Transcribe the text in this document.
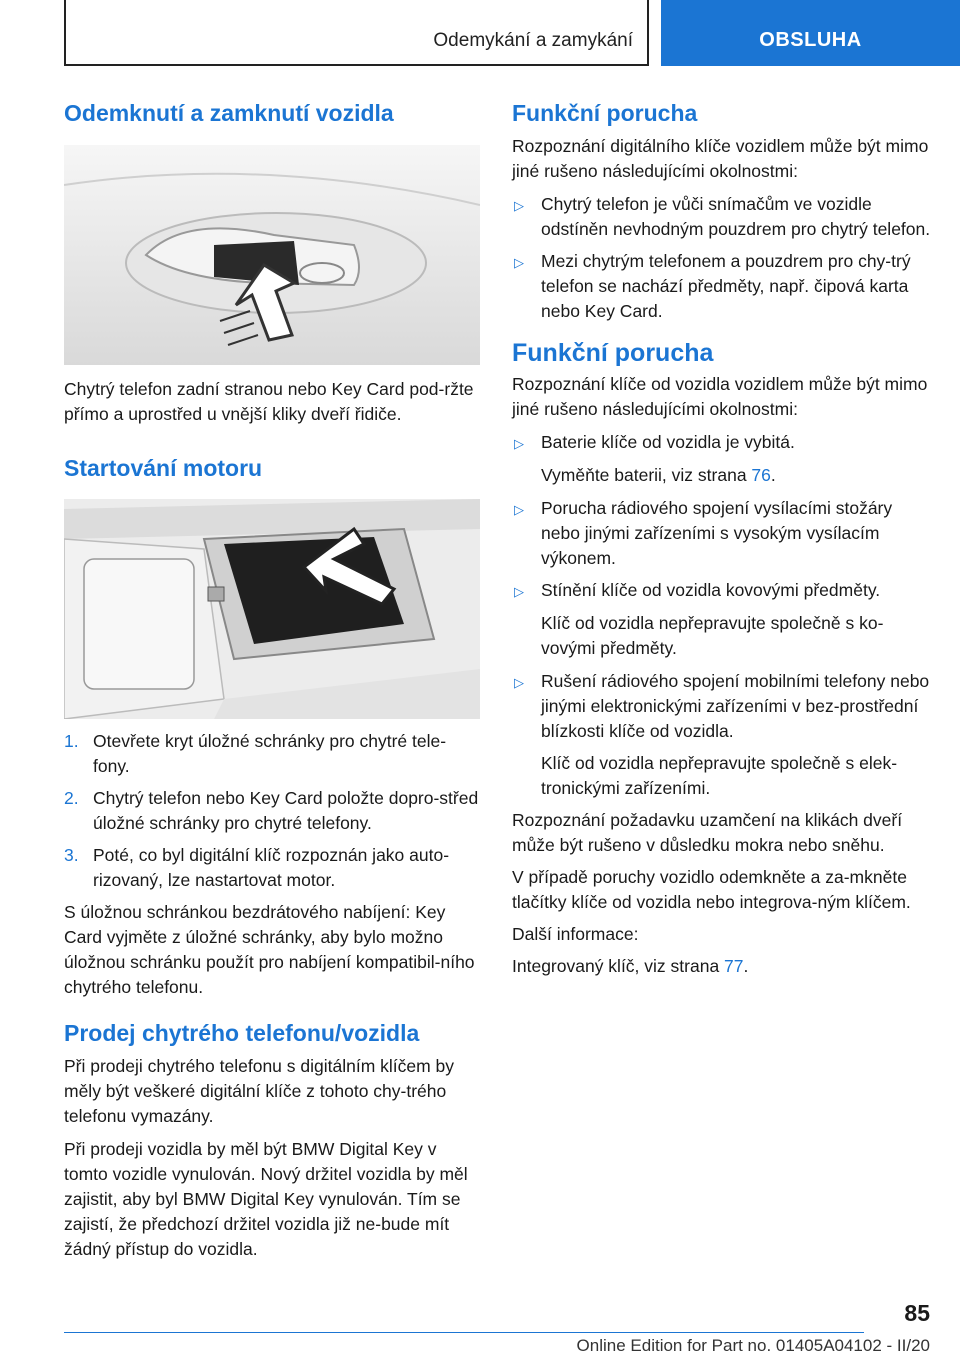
Odemykání a zamykání	OBSLUHA
Odemknutí a zamknutí vozidla

Chytrý telefon zadní stranou nebo Key Card pod‐ržte přímo a uprostřed u vnější kliky dveří řidiče.

Startování motoru
1. Otevřete kryt úložné schránky pro chytré tele‐fony.
2. Chytrý telefon nebo Key Card položte dopro‐střed úložné schránky pro chytré telefony.
3. Poté, co byl digitální klíč rozpoznán jako auto‐rizovaný, lze nastartovat motor.

S úložnou schránkou bezdrátového nabíjení: Key Card vyjměte z úložné schránky, aby bylo možno úložnou schránku použít pro nabíjení kompatibil‐ního chytrého telefonu.

Prodej chytrého telefonu/vozidla

Při prodeji chytrého telefonu s digitálním klíčem by měly být veškeré digitální klíče z tohoto chy‐trého telefonu vymazány.

Při prodeji vozidla by měl být BMW Digital Key v tomto vozidle vynulován. Nový držitel vozidla by měl zajistit, aby byl BMW Digital Key vynulován. Tím se zajistí, že předchozí držitel vozidla již ne‐bude mít žádný přístup do vozidla.

Funkční porucha

Rozpoznání digitálního klíče vozidlem může být mimo jiné rušeno následujícími okolnostmi:

▷ Chytrý telefon je vůči snímačům ve vozidle odstíněn nevhodným pouzdrem pro chytrý telefon.
▷ Mezi chytrým telefonem a pouzdrem pro chy‐trý telefon se nachází předměty, např. čipová karta nebo Key Card.
Funkční porucha

Rozpoznání klíče od vozidla vozidlem může být mimo jiné rušeno následujícími okolnostmi:

▷ Baterie klíče od vozidla je vybitá.

Vyměňte baterii, viz strana 76.

▷ Porucha rádiového spojení vysílacími stožáry nebo jinými zařízeními s vysokým vysílacím výkonem.
▷ Stínění klíče od vozidla kovovými předměty.

Klíč od vozidla nepřepravujte společně s ko‐vovými předměty.

▷ Rušení rádiového spojení mobilními telefony nebo jinými elektronickými zařízeními v bez‐prostřední blízkosti klíče od vozidla.

Klíč od vozidla nepřepravujte společně s elek‐tronickými zařízeními.

Rozpoznání požadavku uzamčení na klikách dveří může být rušeno v důsledku mokra nebo sněhu.

V případě poruchy vozidlo odemkněte a za‐mkněte tlačítky klíče od vozidla nebo integrova‐ným klíčem.

Další informace:

Integrovaný klíč, viz strana 77.

85
Online Edition for Part no. 01405A04102 - II/20
